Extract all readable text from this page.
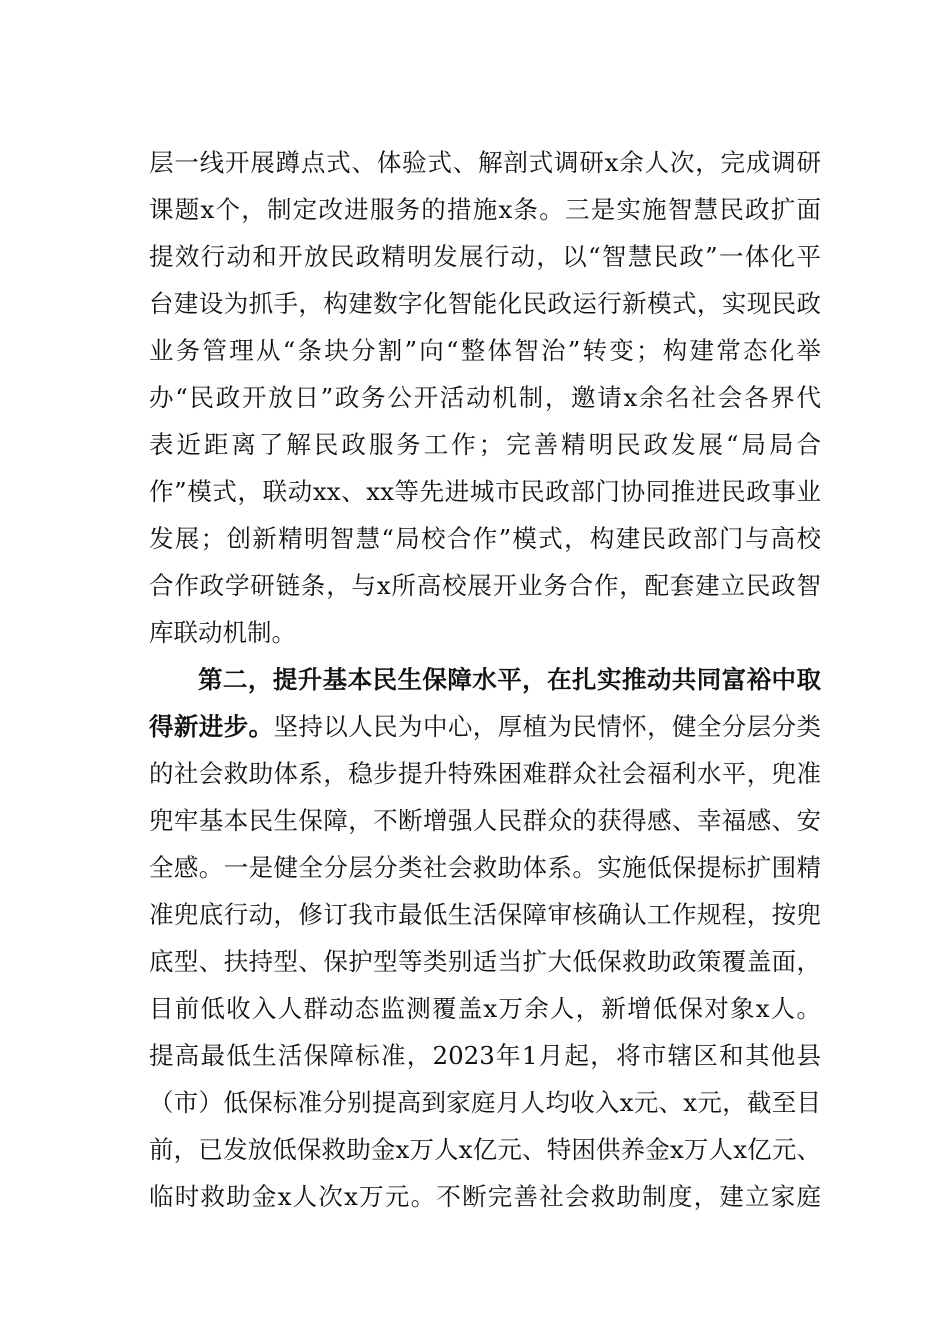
层一线开展蹲点式、体验式、解剖式调研x余人次，完成调研
课题x个，制定改进服务的措施x条。三是实施智慧民政扩面
提效行动和开放民政精明发展行动，以“智慧民政”一体化平
台建设为抓手，构建数字化智能化民政运行新模式，实现民政
业务管理从“条块分割”向“整体智治”转变；构建常态化举
办“民政开放日”政务公开活动机制，邀请x余名社会各界代
表近距离了解民政服务工作；完善精明民政发展“局局合
作”模式，联动xx、xx等先进城市民政部门协同推进民政事业
发展；创新精明智慧“局校合作”模式，构建民政部门与高校
合作政学研链条，与x所高校展开业务合作，配套建立民政智
库联动机制。
第二，提升基本民生保障水平，在扎实推动共同富裕中取
得新进步。坚持以人民为中心，厚植为民情怀，健全分层分类
的社会救助体系，稳步提升特殊困难群众社会福利水平，兜准
兜牢基本民生保障，不断增强人民群众的获得感、幸福感、安
全感。一是健全分层分类社会救助体系。实施低保提标扩围精
准兜底行动，修订我市最低生活保障审核确认工作规程，按兜
底型、扶持型、保护型等类别适当扩大低保救助政策覆盖面，
目前低收入人群动态监测覆盖x万余人，新增低保对象x人。
提高最低生活保障标准，2023年1月起，将市辖区和其他县
（市）低保标准分别提高到家庭月人均收入x元、x元，截至目
前，已发放低保救助金x万人x亿元、特困供养金x万人x亿元、
临时救助金x人次x万元。不断完善社会救助制度，建立家庭
